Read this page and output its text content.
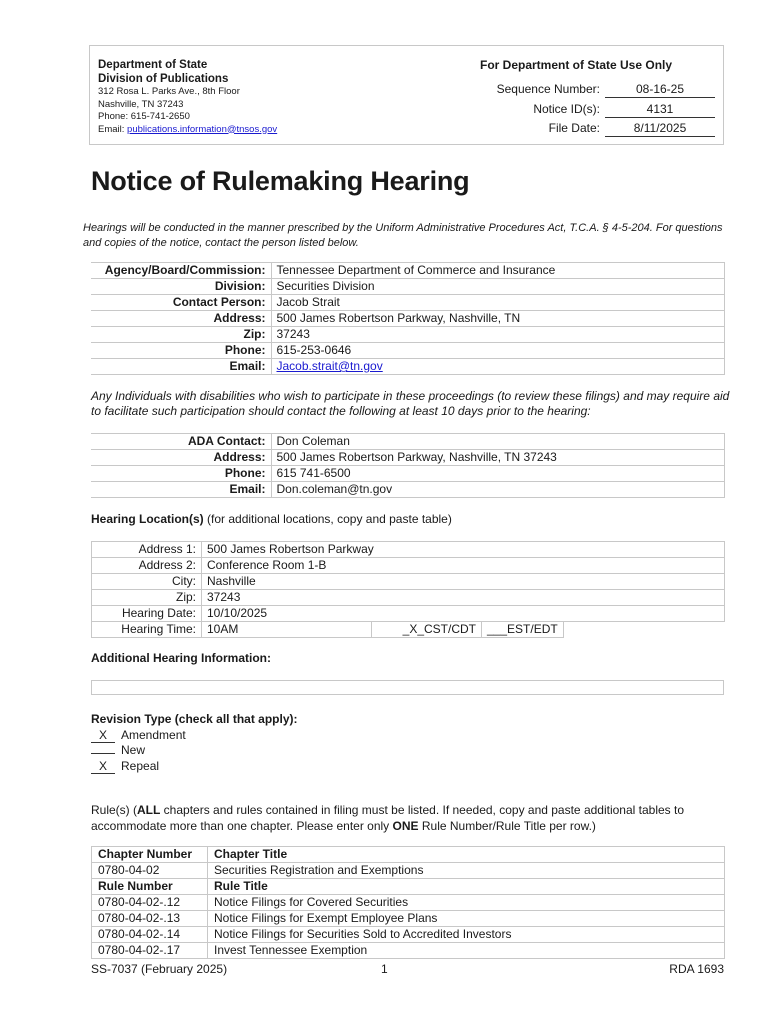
Department of State
Division of Publications
312 Rosa L. Parks Ave., 8th Floor
Nashville, TN 37243
Phone: 615-741-2650
Email: publications.information@tnsos.gov
For Department of State Use Only
Sequence Number:	08-16-25
Notice ID(s):	4131
File Date:	8/11/2025
Notice of Rulemaking Hearing
Hearings will be conducted in the manner prescribed by the Uniform Administrative Procedures Act, T.C.A. § 4-5-204. For questions and copies of the notice, contact the person listed below.
Agency/Board/Commission:	Tennessee Department of Commerce and Insurance
Division:	Securities Division
Contact Person:	Jacob Strait
Address:	500 James Robertson Parkway, Nashville, TN
Zip:	37243
Phone:	615-253-0646
Email:	Jacob.strait@tn.gov
Any Individuals with disabilities who wish to participate in these proceedings (to review these filings) and may require aid to facilitate such participation should contact the following at least 10 days prior to the hearing:
ADA Contact:	Don Coleman
Address:	500 James Robertson Parkway, Nashville, TN 37243
Phone:	615 741-6500
Email:	Don.coleman@tn.gov
Hearing Location(s) (for additional locations, copy and paste table)
Address 1:	500 James Robertson Parkway			
Address 2:	Conference Room 1-B			
City:	Nashville			
Zip:	37243			
Hearing Date:	10/10/2025			
Hearing Time:	10AM	_X_CST/CDT	___EST/EDT	
Additional Hearing Information:
Revision Type (check all that apply):
X Amendment
New
X Repeal
Rule(s) (ALL chapters and rules contained in filing must be listed. If needed, copy and paste additional tables to accommodate more than one chapter. Please enter only ONE Rule Number/Rule Title per row.)
Chapter Number	Chapter Title
0780-04-02	Securities Registration and Exemptions
Rule Number	Rule Title
0780-04-02-.12	Notice Filings for Covered Securities
0780-04-02-.13	Notice Filings for Exempt Employee Plans
0780-04-02-.14	Notice Filings for Securities Sold to Accredited Investors
0780-04-02-.17	Invest Tennessee Exemption
SS-7037 (February 2025)	1	RDA 1693
